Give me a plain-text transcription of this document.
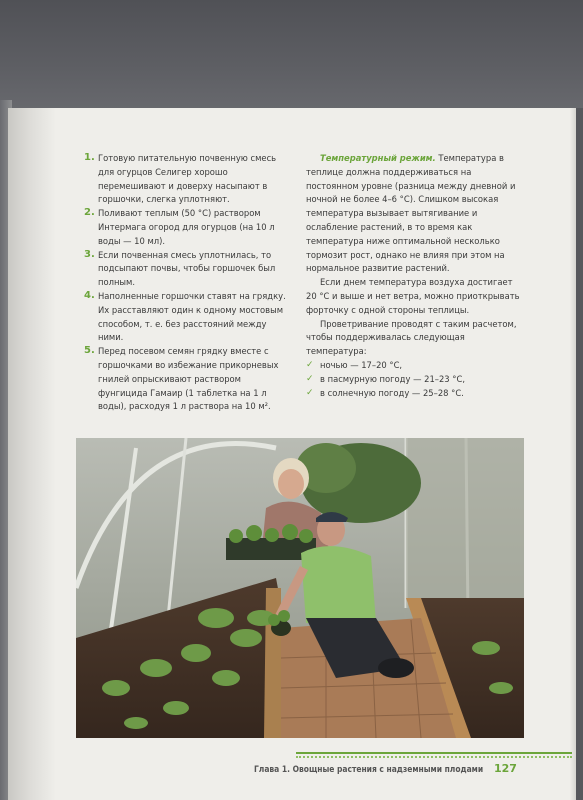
1. Готовую питательную почвенную смесь для огурцов Селигер хорошо перемешивают и доверху насыпают в горшочки, слегка уплотняют.
2. Поливают теплым (50 °C) раствором Интермага огород для огурцов (на 10 л воды — 10 мл).
3. Если почвенная смесь уплотнилась, то подсыпают почвы, чтобы горшочек был полным.
4. Наполненные горшочки ставят на грядку. Их расставляют один к одному мостовым способом, т. е. без расстояний между ними.
5. Перед посевом семян грядку вместе с горшочками во избежание прикорневых гнилей опрыскивают раствором фунгицида Гамаир (1 таблетка на 1 л воды), расходуя 1 л раствора на 10 м².

Температурный режим. Температура в теплице должна поддерживаться на постоянном уровне (разница между дневной и ночной не более 4–6 °C). Слишком высокая температура вызывает вытягивание и ослабление растений, в то время как температура ниже оптимальной несколько тормозит рост, однако не влияя при этом на нормальное развитие растений.

Если днем температура воздуха достигает 20 °C и выше и нет ветра, можно приоткрывать форточку с одной стороны теплицы.

Проветривание проводят с таким расчетом, чтобы поддерживалась следующая температура:

✓ ночью — 17–20 °C,
✓ в пасмурную погоду — 21–23 °C,
✓ в солнечную погоду — 25–28 °C.
Глава 1. Овощные растения с надземными плодами 127
